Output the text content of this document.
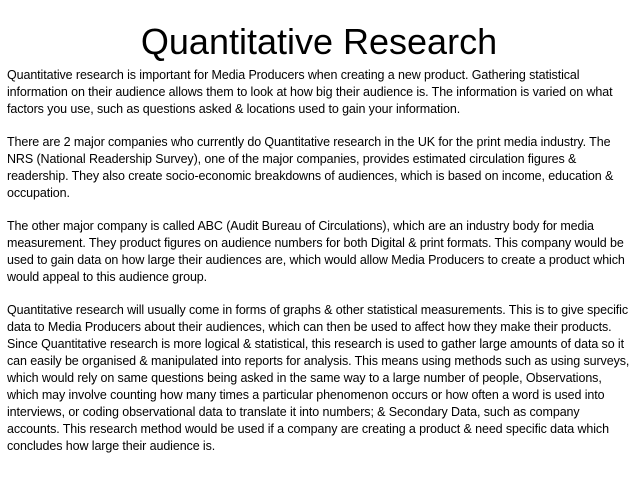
Quantitative Research

Quantitative research is important for Media Producers when creating a new product. Gathering statistical information on their audience allows them to look at how big their audience is. The information is varied on what factors you use, such as questions asked & locations used to gain your information.

There are 2 major companies who currently do Quantitative research in the UK for the print media industry. The NRS (National Readership Survey), one of the major companies, provides estimated circulation figures & readership. They also create socio-economic breakdowns of audiences, which is based on income, education & occupation.

The other major company is called ABC (Audit Bureau of Circulations), which are an industry body for media measurement. They product figures on audience numbers for both Digital & print formats. This company would be used to gain data on how large their audiences are, which would allow Media Producers to create a product which would appeal to this audience group.

Quantitative research will usually come in forms of graphs & other statistical measurements. This is to give specific data to Media Producers about their audiences, which can then be used to affect how they make their products. Since Quantitative research is more logical & statistical, this research is used to gather large amounts of data so it can easily be organised & manipulated into reports for analysis. This means using methods such as using surveys, which would rely on same questions being asked in the same way to a large number of people, Observations, which may involve counting how many times a particular phenomenon occurs or how often a word is used into interviews, or coding observational data to translate it into numbers; & Secondary Data, such as company accounts. This research method would be used if a company are creating a product & need specific data which concludes how large their audience is.
